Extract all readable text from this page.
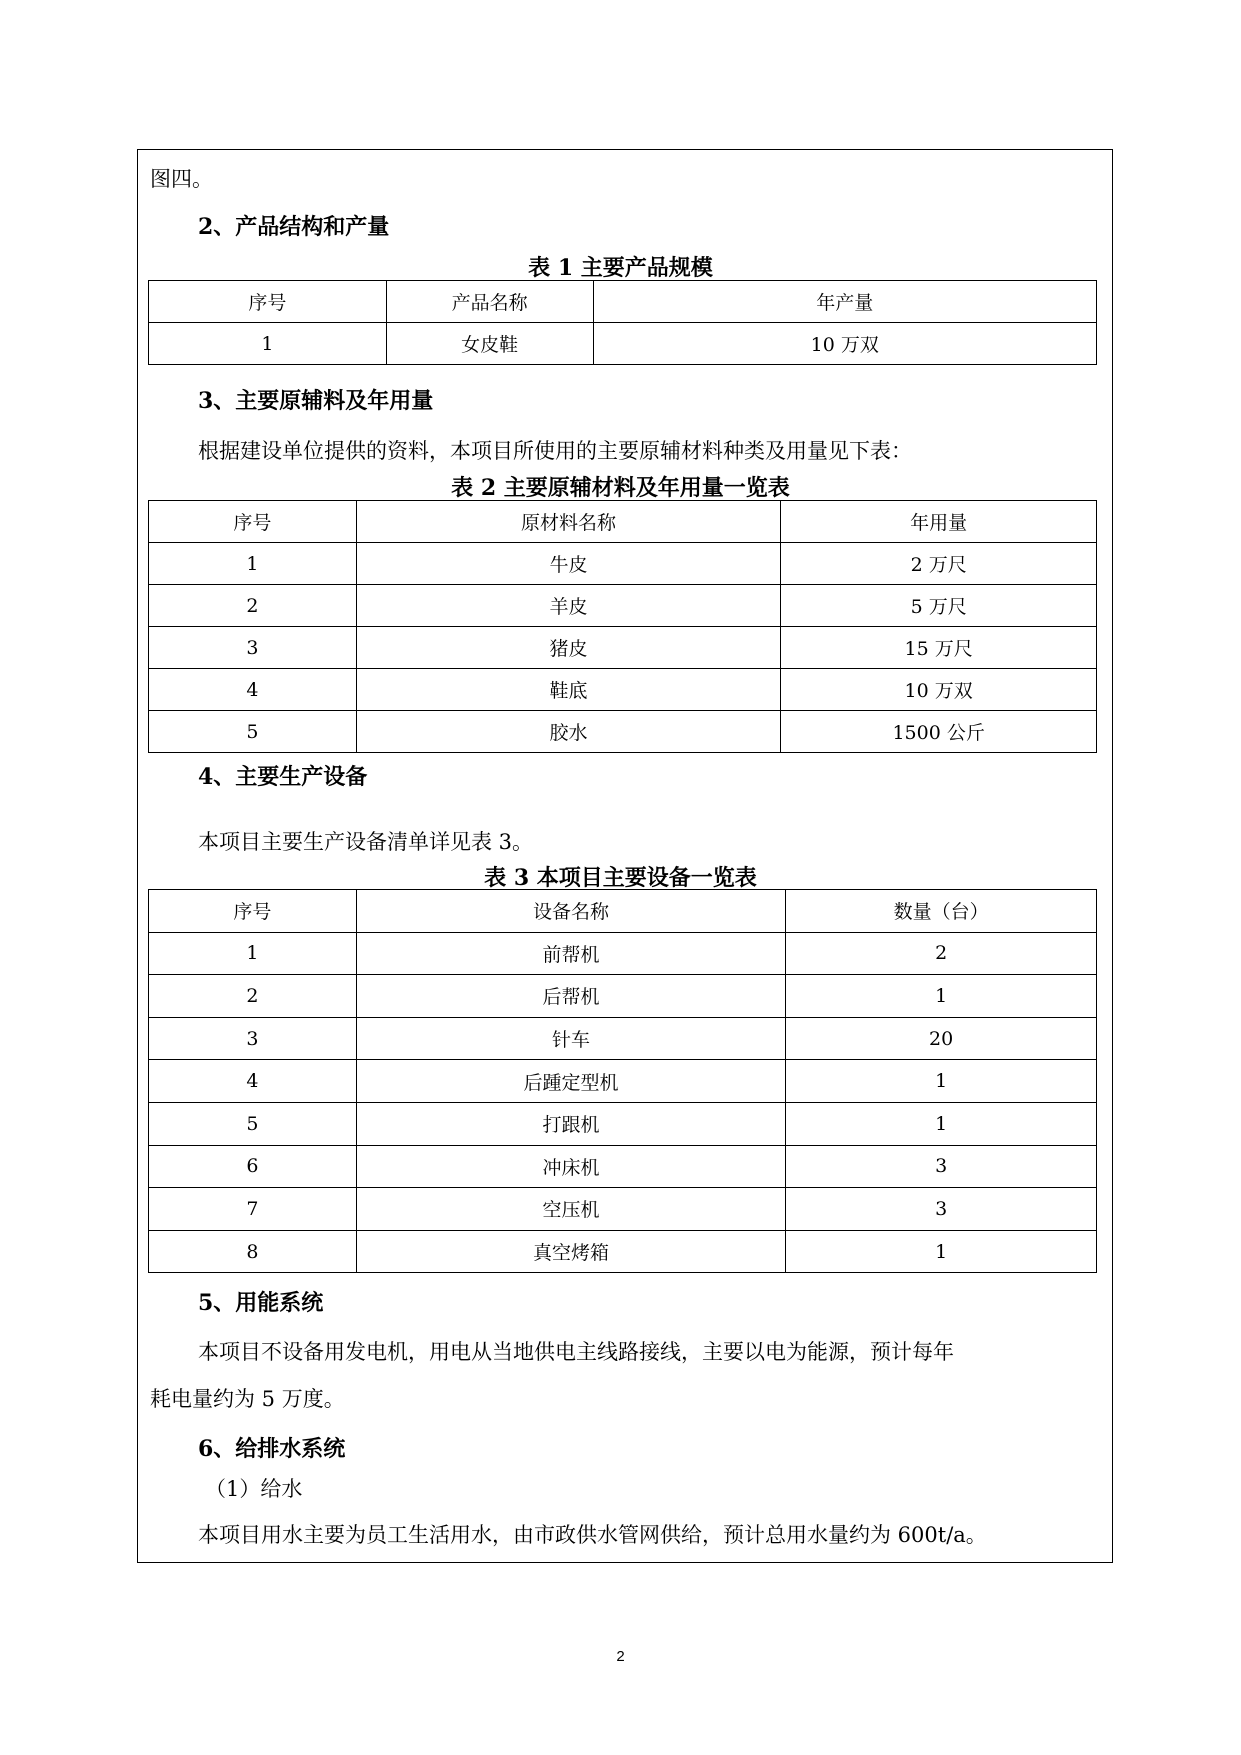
图四。
2、产品结构和产量
表 1 主要产品规模
序号	产品名称	年产量
1	女皮鞋	10 万双
3、主要原辅料及年用量
根据建设单位提供的资料，本项目所使用的主要原辅材料种类及用量见下表：
表 2 主要原辅材料及年用量一览表
序号	原材料名称	年用量
1	牛皮	2 万尺
2	羊皮	5 万尺
3	猪皮	15 万尺
4	鞋底	10 万双
5	胶水	1500 公斤
4、主要生产设备
本项目主要生产设备清单详见表 3。
表 3 本项目主要设备一览表
序号	设备名称	数量（台）
1	前帮机	2
2	后帮机	1
3	针车	20
4	后踵定型机	1
5	打跟机	1
6	冲床机	3
7	空压机	3
8	真空烤箱	1
5、用能系统
本项目不设备用发电机，用电从当地供电主线路接线，主要以电为能源，预计每年
耗电量约为 5 万度。
6、给排水系统
（1）给水
本项目用水主要为员工生活用水，由市政供水管网供给，预计总用水量约为 600t/a。
2
